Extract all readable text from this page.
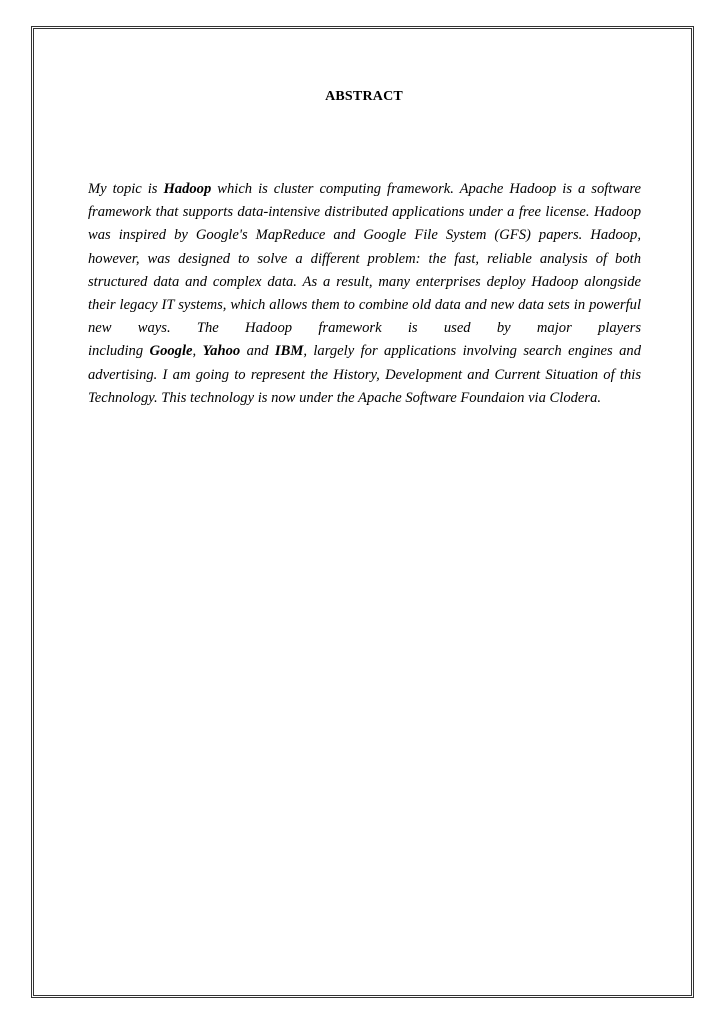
ABSTRACT
My topic is Hadoop which is cluster computing framework. Apache Hadoop is a software
framework that supports data-intensive distributed applications under a free license. Hadoop
was inspired by Google's MapReduce and Google File System (GFS) papers. Hadoop,
however, was designed to solve a different problem: the fast, reliable analysis of both
structured data and complex data. As a result, many enterprises deploy Hadoop alongside
their legacy IT systems, which allows them to combine old data and new data sets in powerful
new ways. The Hadoop framework is used by major players
including Google, Yahoo and IBM, largely for applications involving search engines and
advertising. I am going to represent the History, Development and Current Situation of this
Technology. This technology is now under the Apache Software Foundaion via Clodera.
